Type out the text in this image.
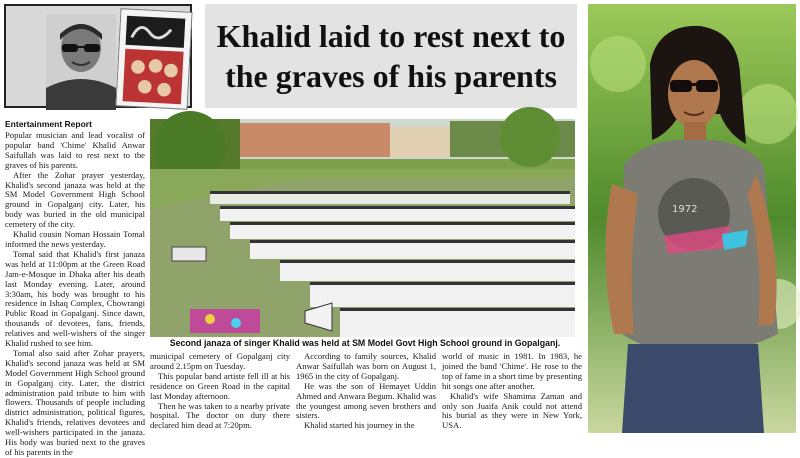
Khalid laid to rest next to the graves of his parents
1972
Entertainment Report

Popular musician and lead vocalist of popular band 'Chime' Khalid Anwar Saifullah was laid to rest next to the graves of his parents.

After the Zohar prayer yesterday, Khalid's second janaza was held at the SM Model Government High School ground in Gopalganj city. Later, his body was buried in the old municipal cemetery of the city.

Khalid cousin Noman Hossain Tomal informed the news yesterday.

Tomal said that Khalid's first janaza was held at 11:00pm at the Green Road Jam-e-Mosque in Dhaka after his death last Monday evening. Later, around 3:30am, his body was brought to his residence in Ishaq Complex, Chowrangi Public Road in Gopalganj. Since dawn, thousands of devotees, fans, friends, relatives and well-wishers of the singer Khalid rushed to see him.

Tomal also said after Zohar prayers, Khalid's second janaza was held at SM Model Government High School ground in Gopalganj city. Later, the district administration paid tribute to him with flowers. Thousands of people including district administration, political figures, Khalid's friends, relatives devotees and well-wishers participated in the janaza. His body was buried next to the graves of his parents in the

Second janaza of singer Khalid was held at SM Model Govt High School ground in Gopalganj.

municipal cemetery of Gopalganj city around 2.15pm on Tuesday.

This popular band artiste fell ill at his residence on Green Road in the capital last Monday afternoon.

Then he was taken to a nearby private hospital. The doctor on duty there declared him dead at 7:20pm.

According to family sources, Khalid Anwar Saifullah was born on August 1, 1965 in the city of Gopalganj.

He was the son of Hemayet Uddin Ahmed and Anwara Begum. Khalid was the youngest among seven brothers and sisters.

Khalid started his journey in the

world of music in 1981. In 1983, he joined the band 'Chime'. He rose to the top of fame in a short time by presenting hit songs one after another.

Khalid's wife Shamima Zaman and only son Juaifa Anik could not attend his burial as they were in New York, USA.
